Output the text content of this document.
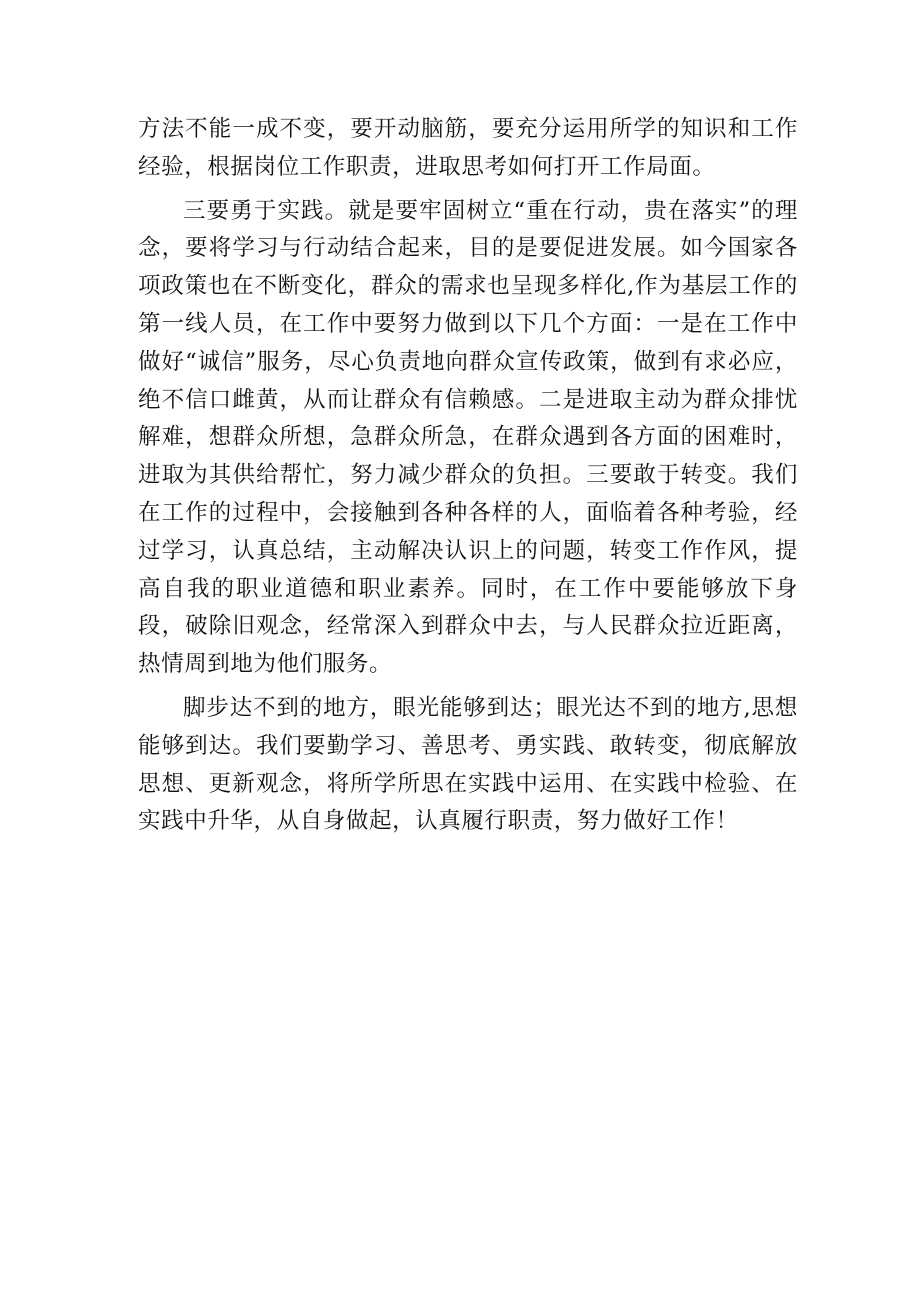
方法不能一成不变，要开动脑筋，要充分运用所学的知识和工作经验，根据岗位工作职责，进取思考如何打开工作局面。

三要勇于实践。就是要牢固树立“重在行动，贵在落实”的理念，要将学习与行动结合起来，目的是要促进发展。如今国家各项政策也在不断变化，群众的需求也呈现多样化,作为基层工作的第一线人员，在工作中要努力做到以下几个方面：一是在工作中做好“诚信”服务，尽心负责地向群众宣传政策，做到有求必应，绝不信口雌黄，从而让群众有信赖感。二是进取主动为群众排忧解难，想群众所想，急群众所急，在群众遇到各方面的困难时，进取为其供给帮忙，努力减少群众的负担。三要敢于转变。我们在工作的过程中，会接触到各种各样的人，面临着各种考验，经过学习，认真总结，主动解决认识上的问题，转变工作作风，提高自我的职业道德和职业素养。同时，在工作中要能够放下身段，破除旧观念，经常深入到群众中去，与人民群众拉近距离，热情周到地为他们服务。

脚步达不到的地方，眼光能够到达；眼光达不到的地方,思想能够到达。我们要勤学习、善思考、勇实践、敢转变，彻底解放思想、更新观念，将所学所思在实践中运用、在实践中检验、在实践中升华，从自身做起，认真履行职责，努力做好工作！
